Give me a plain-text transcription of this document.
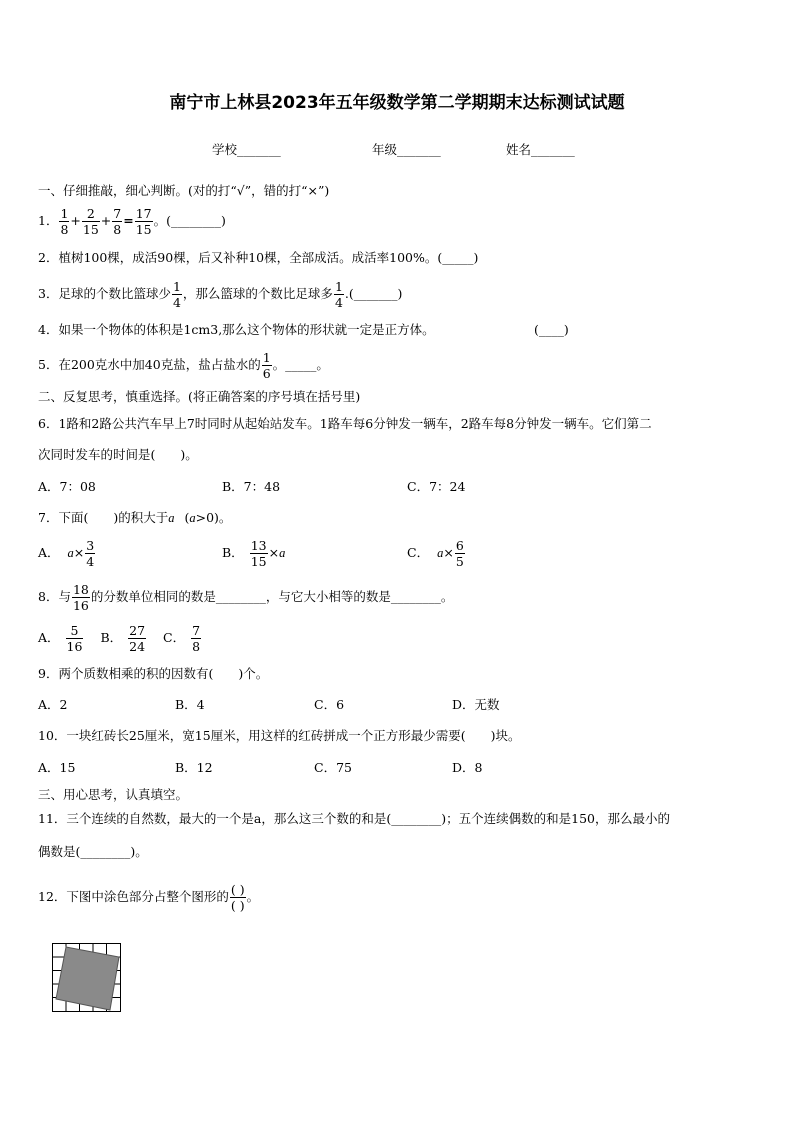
南宁市上林县2023年五年级数学第二学期期末达标测试试题
学校_______	年级_______	姓名_______
一、仔细推敲，细心判断。(对的打“√”，错的打“×”)
1． $\frac{1}{8} + \frac{2}{15} + \frac{7}{8} = \frac{17}{15}$ 。(________)
2．植树100棵，成活90棵，后又补种10棵，全部成活。成活率100%。(_____)
3．足球的个数比篮球少 $\frac{1}{4}$ ，那么篮球的个数比足球多 $\frac{1}{4}$ .(_______)
4．如果一个物体的体积是1cm3,那么这个物体的形状就一定是正方体。	(____)
5．在200克水中加40克盐，盐占盐水的 $\frac{1}{6}$ 。_____。
二、反复思考，慎重选择。(将正确答案的序号填在括号里)
6．1路和2路公共汽车早上7时同时从起始站发车。1路车每6分钟发一辆车，2路车每8分钟发一辆车。它们第二
次同时发车的时间是(　　)。
A．7：08	B．7：48	C．7：24
7．下面(　　)的积大于a (a>0)。
A． $a \times \frac{3}{4}$	B． $\frac{13}{15} \times a$	C． $a \times \frac{6}{5}$
8．与 $\frac{18}{16}$ 的分数单位相同的数是________，与它大小相等的数是________。
A． $\frac{5}{16}$ B． $\frac{27}{24}$ C． $\frac{7}{8}$
9．两个质数相乘的积的因数有(　　)个。
A．2	B．4	C．6	D．无数
10．一块红砖长25厘米，宽15厘米，用这样的红砖拼成一个正方形最少需要(　　)块。
A．15	B．12	C．75	D．8
三、用心思考，认真填空。
11．三个连续的自然数，最大的一个是a，那么这三个数的和是(________)；五个连续偶数的和是150，那么最小的
偶数是(________)。
12．下图中涂色部分占整个图形的 $\frac{( )}{( )}$ 。
